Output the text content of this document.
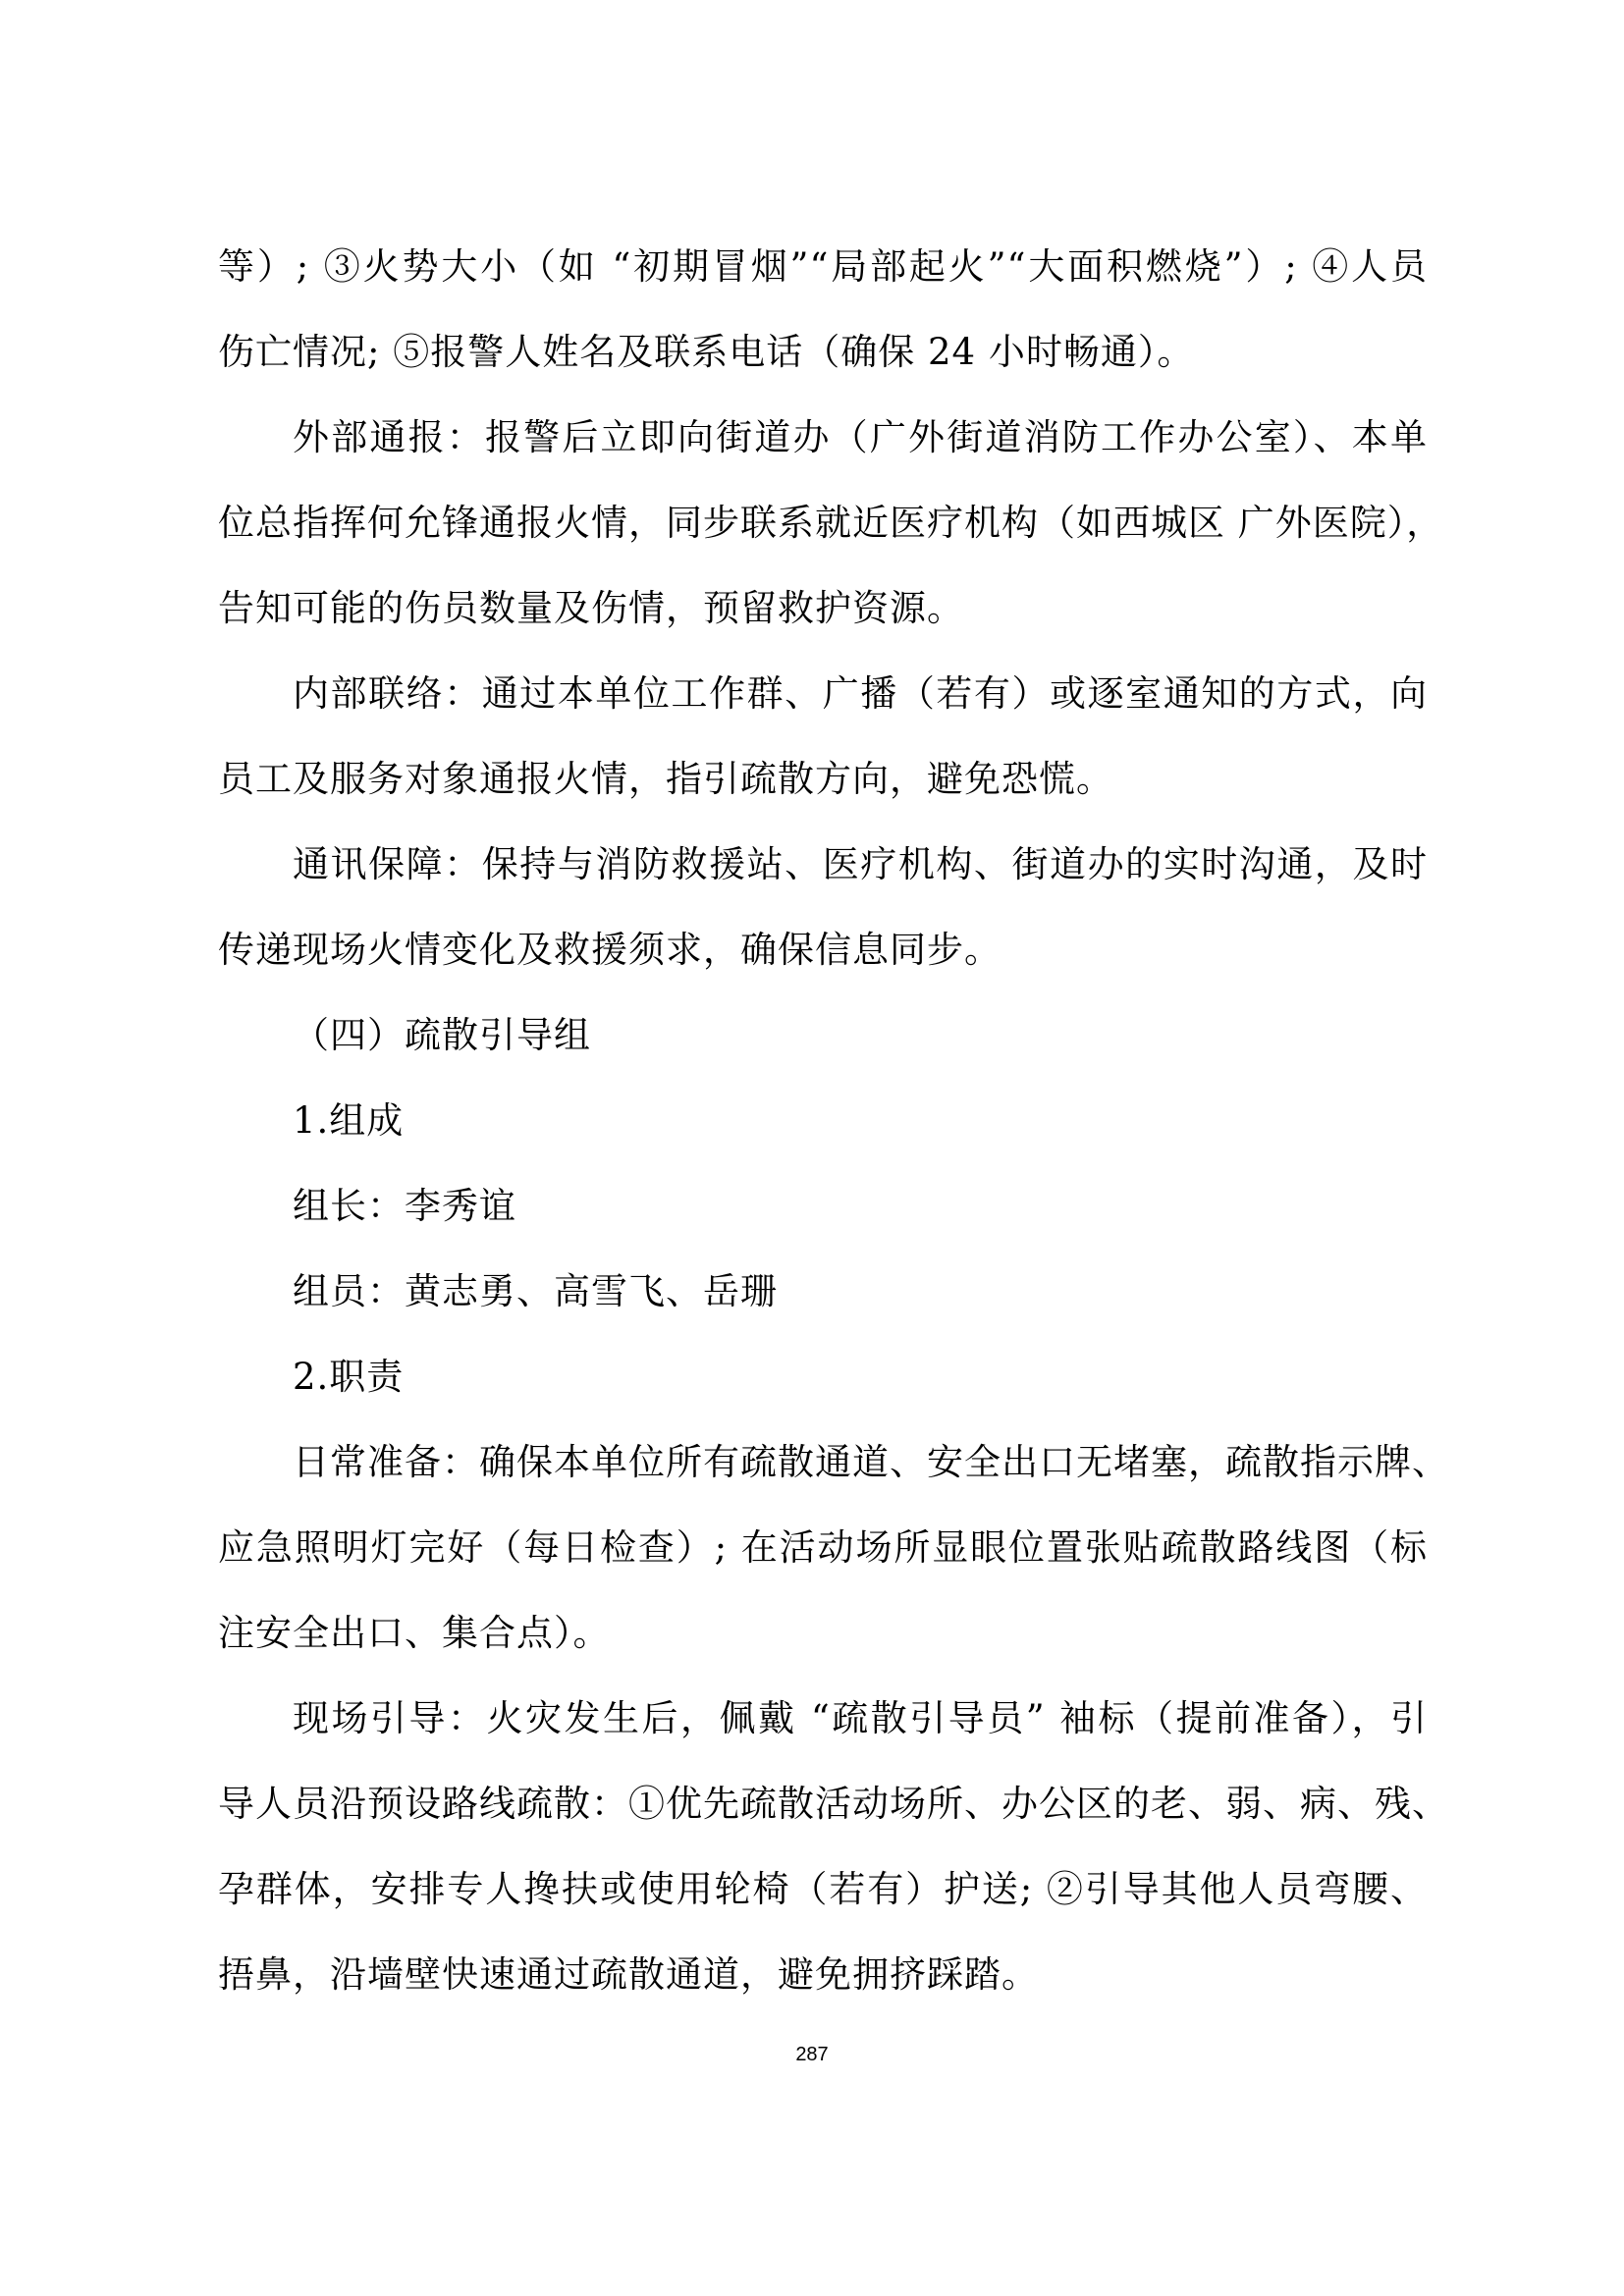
等）; ③火势大小（如 “初期冒烟”“局部起火”“大面积燃烧”）; ④人员
伤亡情况; ⑤报警人姓名及联系电话（确保 24 小时畅通）。
外部通报：报警后立即向街道办（广外街道消防工作办公室）、本单
位总指挥何允锋通报火情，同步联系就近医疗机构（如西城区 广外医院），
告知可能的伤员数量及伤情，预留救护资源。
内部联络：通过本单位工作群、广播（若有）或逐室通知的方式，向
员工及服务对象通报火情，指引疏散方向，避免恐慌。
通讯保障：保持与消防救援站、医疗机构、街道办的实时沟通，及时
传递现场火情变化及救援须求，确保信息同步。
（四）疏散引导组
1.组成
组长：李秀谊
组员：黄志勇、高雪飞、岳珊
2.职责
日常准备：确保本单位所有疏散通道、安全出口无堵塞，疏散指示牌、
应急照明灯完好（每日检查）; 在活动场所显眼位置张贴疏散路线图（标
注安全出口、集合点）。
现场引导：火灾发生后，佩戴 “疏散引导员” 袖标（提前准备），引
导人员沿预设路线疏散：①优先疏散活动场所、办公区的老、弱、病、残、
孕群体，安排专人搀扶或使用轮椅（若有）护送; ②引导其他人员弯腰、
捂鼻，沿墙壁快速通过疏散通道，避免拥挤踩踏。
287
